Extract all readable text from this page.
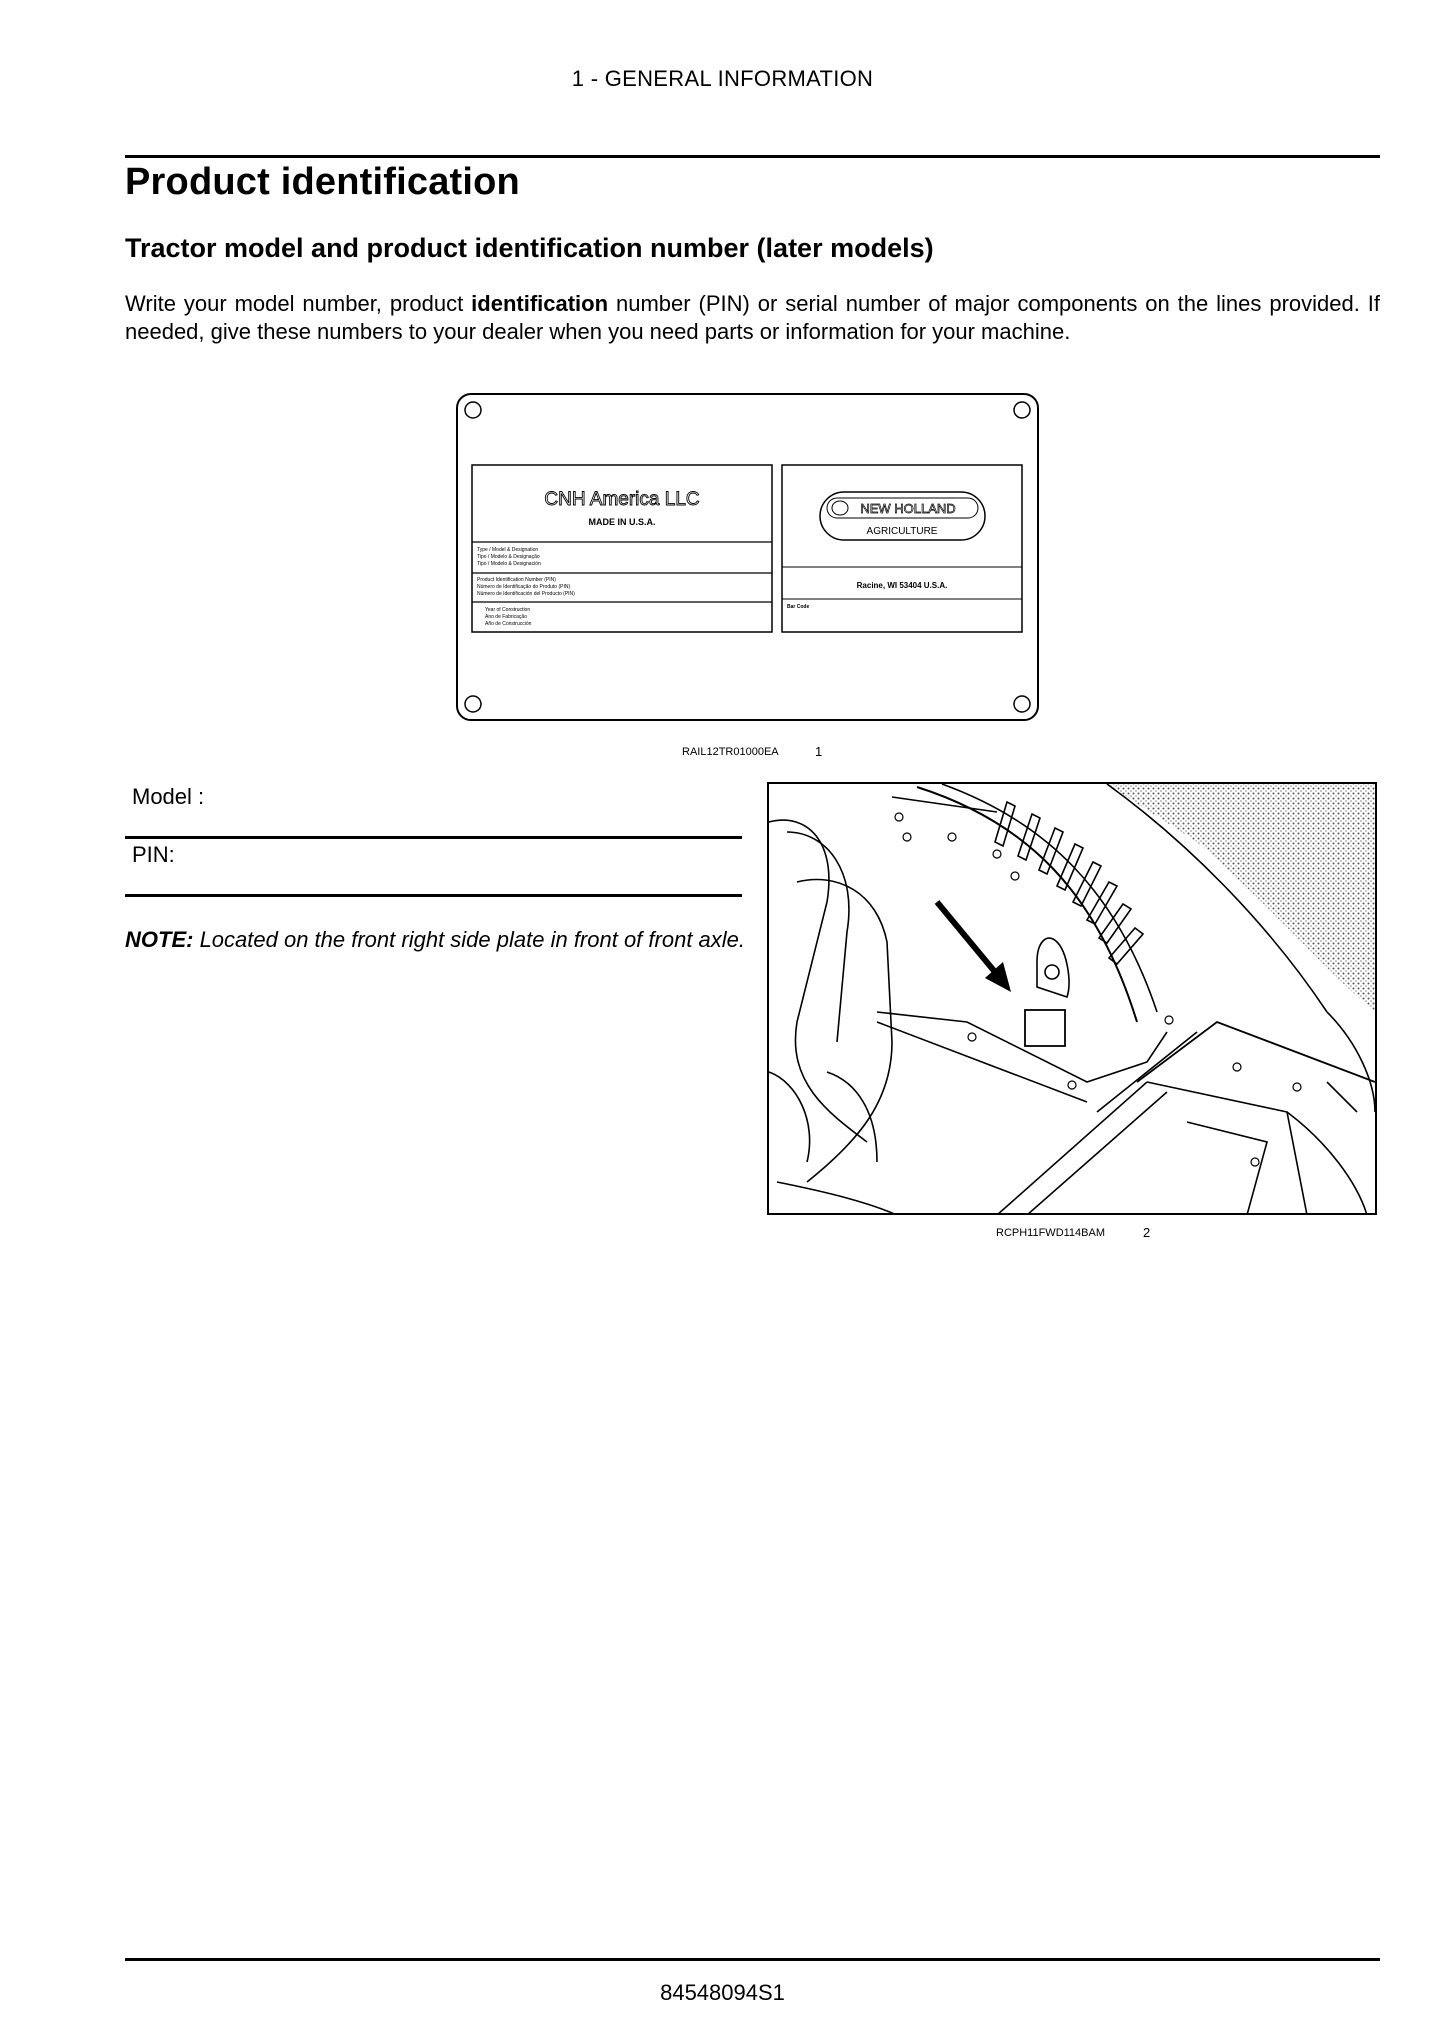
1 - GENERAL INFORMATION
Product identification
Tractor model and product identification number (later models)
Write your model number, product identification number (PIN) or serial number of major components on the lines provided. If needed, give these numbers to your dealer when you need parts or information for your machine.
CNH America LLC
MADE IN U.S.A.
Type / Model & Designation
Tipo / Modelo & Designação
Tipo / Modelo & Designación
Product Identification Number (PIN)
Número de Identificação do Produto (PIN)
Número de Identificación del Producto (PIN)
Year of Construction
Ano de Fabricação
Año de Construcción
NEW HOLLAND
AGRICULTURE
Racine, WI 53404 U.S.A.
Bar Code
RAIL12TR01000EA	1
Model :
PIN:
NOTE: Located on the front right side plate in front of front axle.
RCPH11FWD114BAM	2
84548094S1
